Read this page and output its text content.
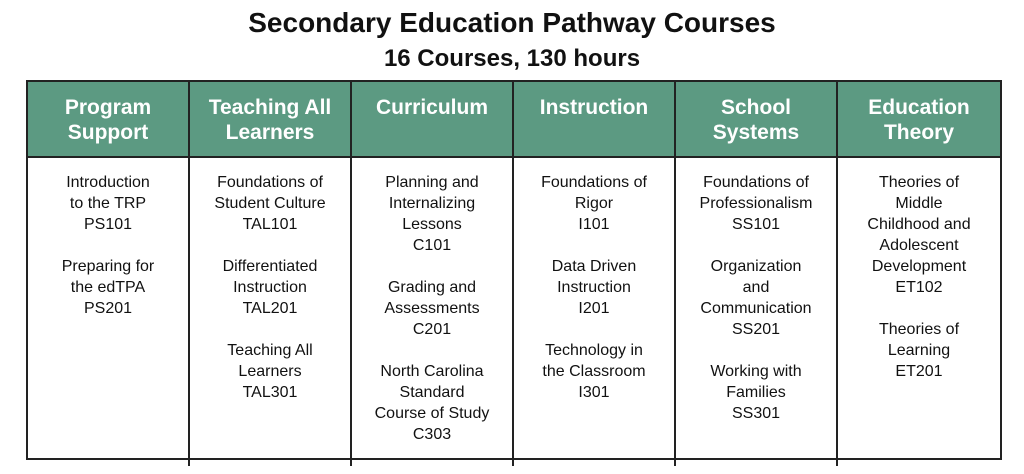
Secondary Education Pathway Courses
16 Courses, 130 hours
Program
Support
Teaching All
Learners
Curriculum	Instruction	School
Systems
Education
Theory
Introduction
to the TRP
PS101
Preparing for
the edTPA
PS201
Foundations of
Student Culture
TAL101
Differentiated
Instruction
TAL201
Teaching All
Learners
TAL301
Planning and
Internalizing
Lessons
C101
Grading and
Assessments
C201
North Carolina
Standard
Course of Study
C303
Foundations of
Rigor
I101
Data Driven
Instruction
I201
Technology in
the Classroom
I301
Foundations of
Professionalism
SS101
Organization
and
Communication
SS201
Working with
Families
SS301
Theories of
Middle
Childhood and
Adolescent
Development
ET102
Theories of
Learning
ET201
